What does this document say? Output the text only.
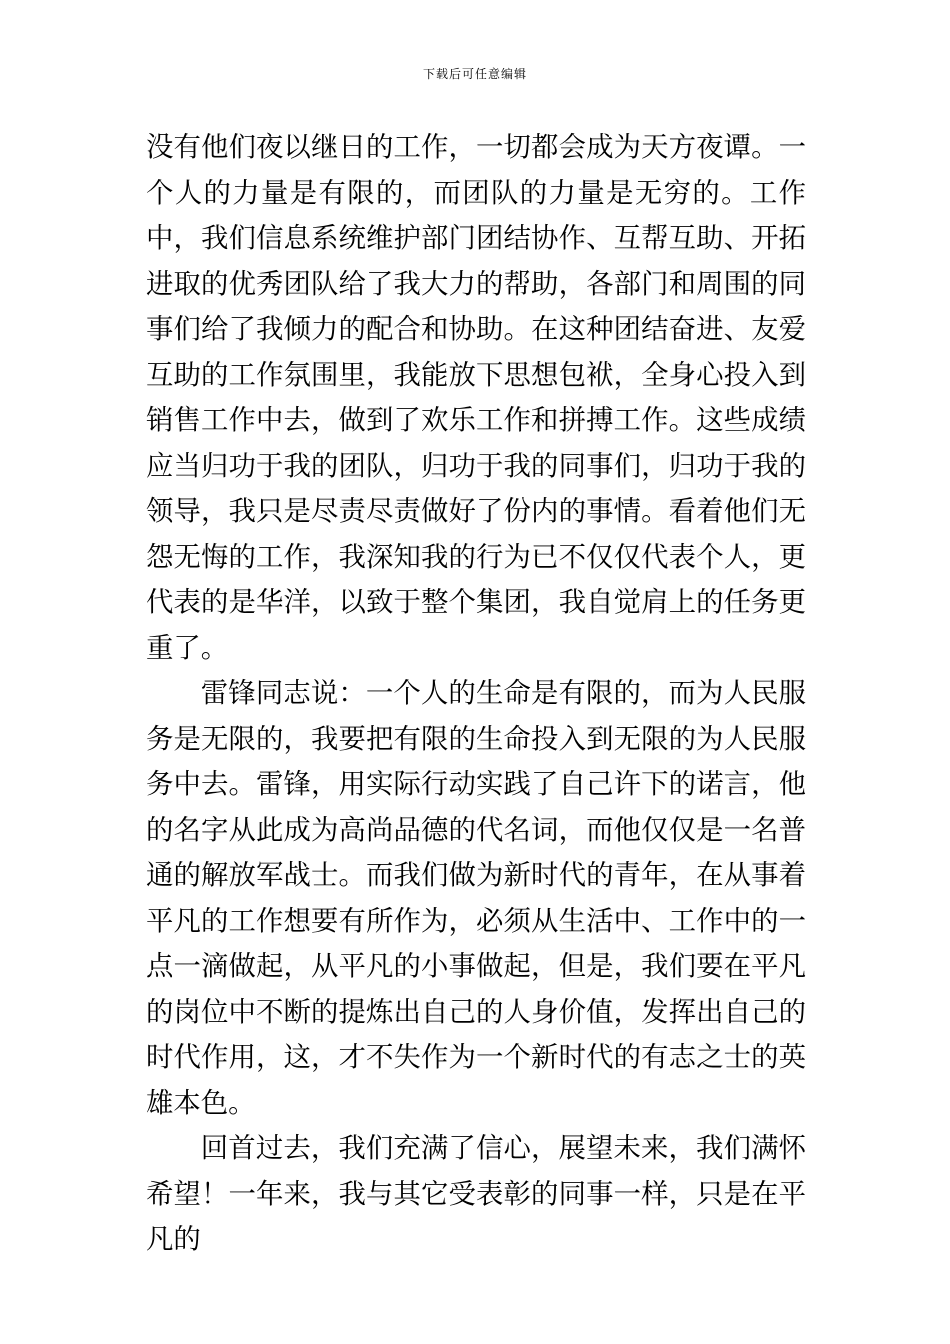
下载后可任意编辑

没有他们夜以继日的工作，一切都会成为天方夜谭。一个人的力量是有限的，而团队的力量是无穷的。工作中，我们信息系统维护部门团结协作、互帮互助、开拓进取的优秀团队给了我大力的帮助，各部门和周围的同事们给了我倾力的配合和协助。在这种团结奋进、友爱互助的工作氛围里，我能放下思想包袱，全身心投入到销售工作中去，做到了欢乐工作和拼搏工作。这些成绩应当归功于我的团队，归功于我的同事们，归功于我的领导，我只是尽责尽责做好了份内的事情。看着他们无怨无悔的工作，我深知我的行为已不仅仅代表个人，更代表的是华洋，以致于整个集团，我自觉肩上的任务更重了。

雷锋同志说：一个人的生命是有限的，而为人民服务是无限的，我要把有限的生命投入到无限的为人民服务中去。雷锋，用实际行动实践了自己许下的诺言，他的名字从此成为高尚品德的代名词，而他仅仅是一名普通的解放军战士。而我们做为新时代的青年，在从事着平凡的工作想要有所作为，必须从生活中、工作中的一点一滴做起，从平凡的小事做起，但是，我们要在平凡的岗位中不断的提炼出自己的人身价值，发挥出自己的时代作用，这，才不失作为一个新时代的有志之士的英雄本色。

回首过去，我们充满了信心，展望未来，我们满怀希望！一年来，我与其它受表彰的同事一样，只是在平凡的
